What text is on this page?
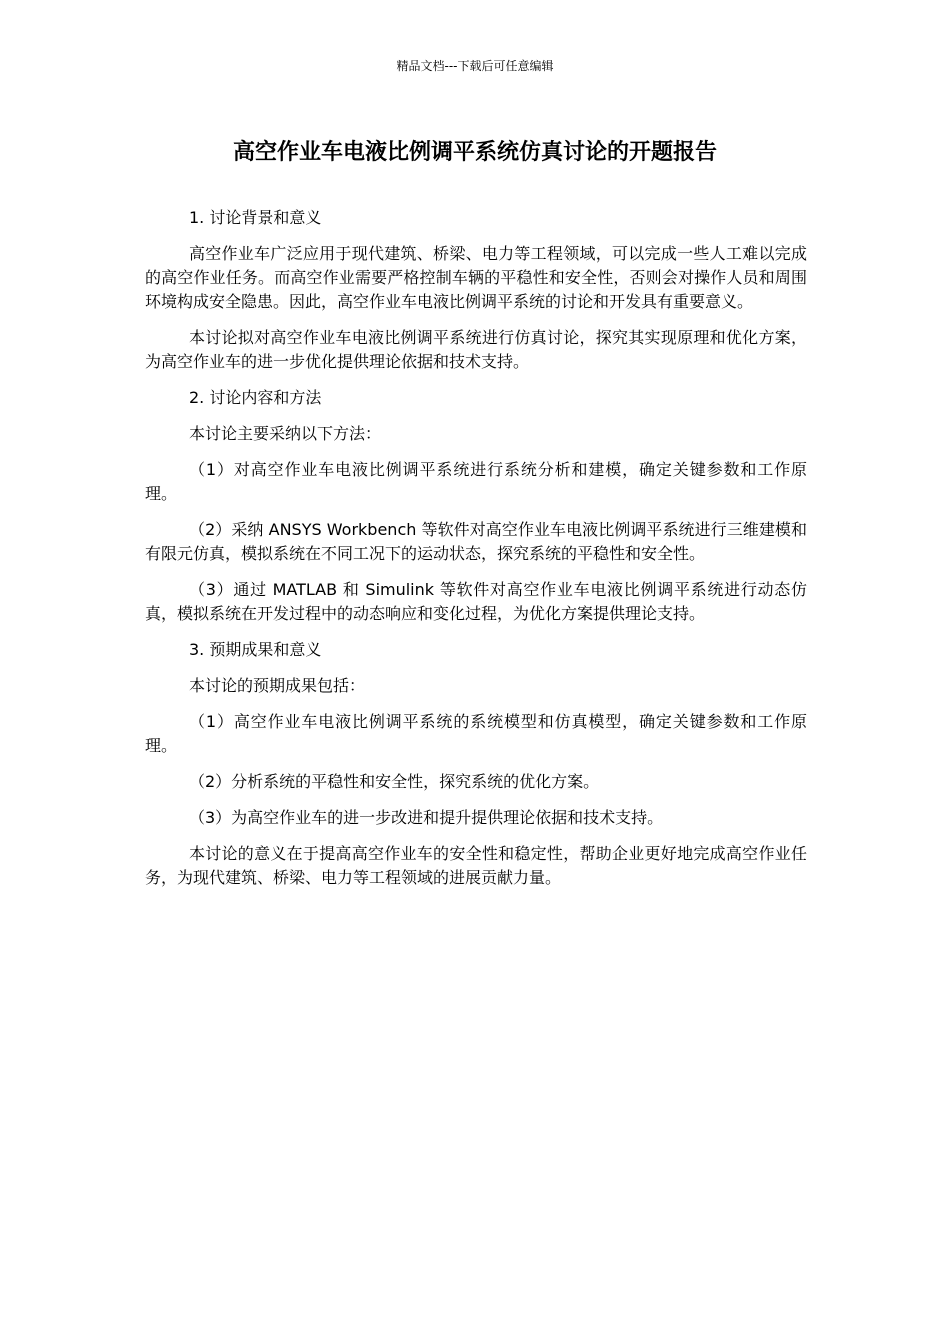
精品文档---下载后可任意编辑
高空作业车电液比例调平系统仿真讨论的开题报告

1. 讨论背景和意义

高空作业车广泛应用于现代建筑、桥梁、电力等工程领域，可以完成一些人工难以完成的高空作业任务。而高空作业需要严格控制车辆的平稳性和安全性，否则会对操作人员和周围环境构成安全隐患。因此，高空作业车电液比例调平系统的讨论和开发具有重要意义。

本讨论拟对高空作业车电液比例调平系统进行仿真讨论，探究其实现原理和优化方案，为高空作业车的进一步优化提供理论依据和技术支持。

2. 讨论内容和方法

本讨论主要采纳以下方法：

（1）对高空作业车电液比例调平系统进行系统分析和建模，确定关键参数和工作原理。

（2）采纳 ANSYS Workbench 等软件对高空作业车电液比例调平系统进行三维建模和有限元仿真，模拟系统在不同工况下的运动状态，探究系统的平稳性和安全性。

（3）通过 MATLAB 和 Simulink 等软件对高空作业车电液比例调平系统进行动态仿真，模拟系统在开发过程中的动态响应和变化过程，为优化方案提供理论支持。

3. 预期成果和意义

本讨论的预期成果包括：

（1）高空作业车电液比例调平系统的系统模型和仿真模型，确定关键参数和工作原理。

（2）分析系统的平稳性和安全性，探究系统的优化方案。

（3）为高空作业车的进一步改进和提升提供理论依据和技术支持。

本讨论的意义在于提高高空作业车的安全性和稳定性，帮助企业更好地完成高空作业任务，为现代建筑、桥梁、电力等工程领域的进展贡献力量。
